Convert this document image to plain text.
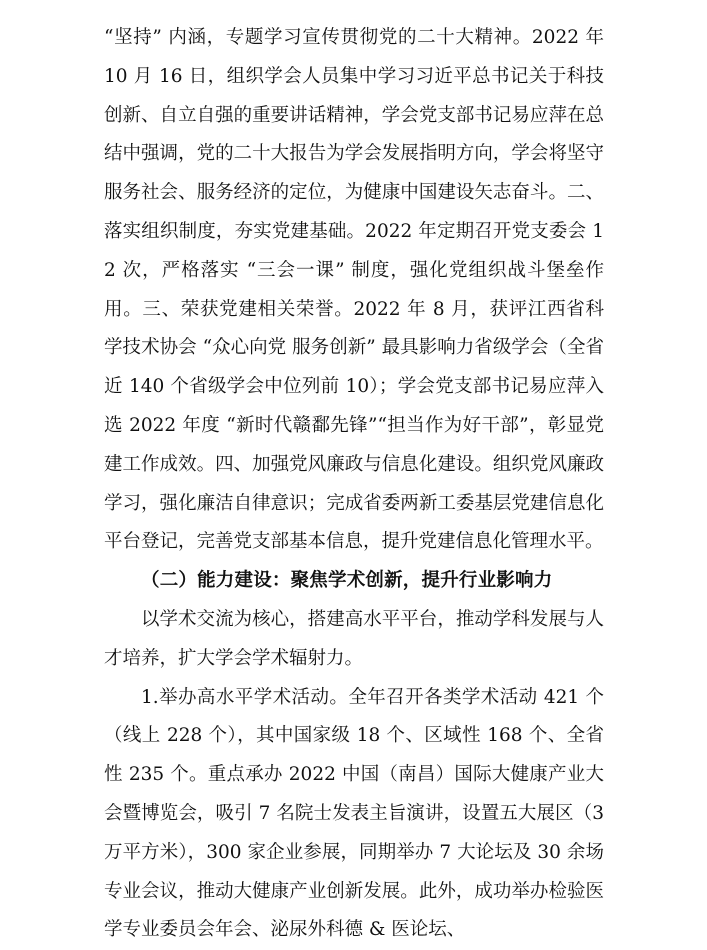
“坚持” 内涵，专题学习宣传贯彻党的二十大精神。2022 年 10 月 16 日，组织学会人员集中学习习近平总书记关于科技创新、自立自强的重要讲话精神，学会党支部书记易应萍在总结中强调，党的二十大报告为学会发展指明方向，学会将坚守服务社会、服务经济的定位，为健康中国建设矢志奋斗。二、落实组织制度，夯实党建基础。2022 年定期召开党支委会 12 次，严格落实 “三会一课” 制度，强化党组织战斗堡垒作用。三、荣获党建相关荣誉。2022 年 8 月，获评江西省科学技术协会 “众心向党 服务创新” 最具影响力省级学会（全省近 140 个省级学会中位列前 10）；学会党支部书记易应萍入选 2022 年度 “新时代赣鄱先锋”“担当作为好干部”，彰显党建工作成效。四、加强党风廉政与信息化建设。组织党风廉政学习，强化廉洁自律意识；完成省委两新工委基层党建信息化平台登记，完善党支部基本信息，提升党建信息化管理水平。

（二）能力建设：聚焦学术创新，提升行业影响力

以学术交流为核心，搭建高水平平台，推动学科发展与人才培养，扩大学会学术辐射力。

1.举办高水平学术活动。全年召开各类学术活动 421 个（线上 228 个），其中国家级 18 个、区域性 168 个、全省性 235 个。重点承办 2022 中国（南昌）国际大健康产业大会暨博览会，吸引 7 名院士发表主旨演讲，设置五大展区（3 万平方米），300 家企业参展，同期举办 7 大论坛及 30 余场专业会议，推动大健康产业创新发展。此外，成功举办检验医学专业委员会年会、泌尿外科德 & 医论坛、
